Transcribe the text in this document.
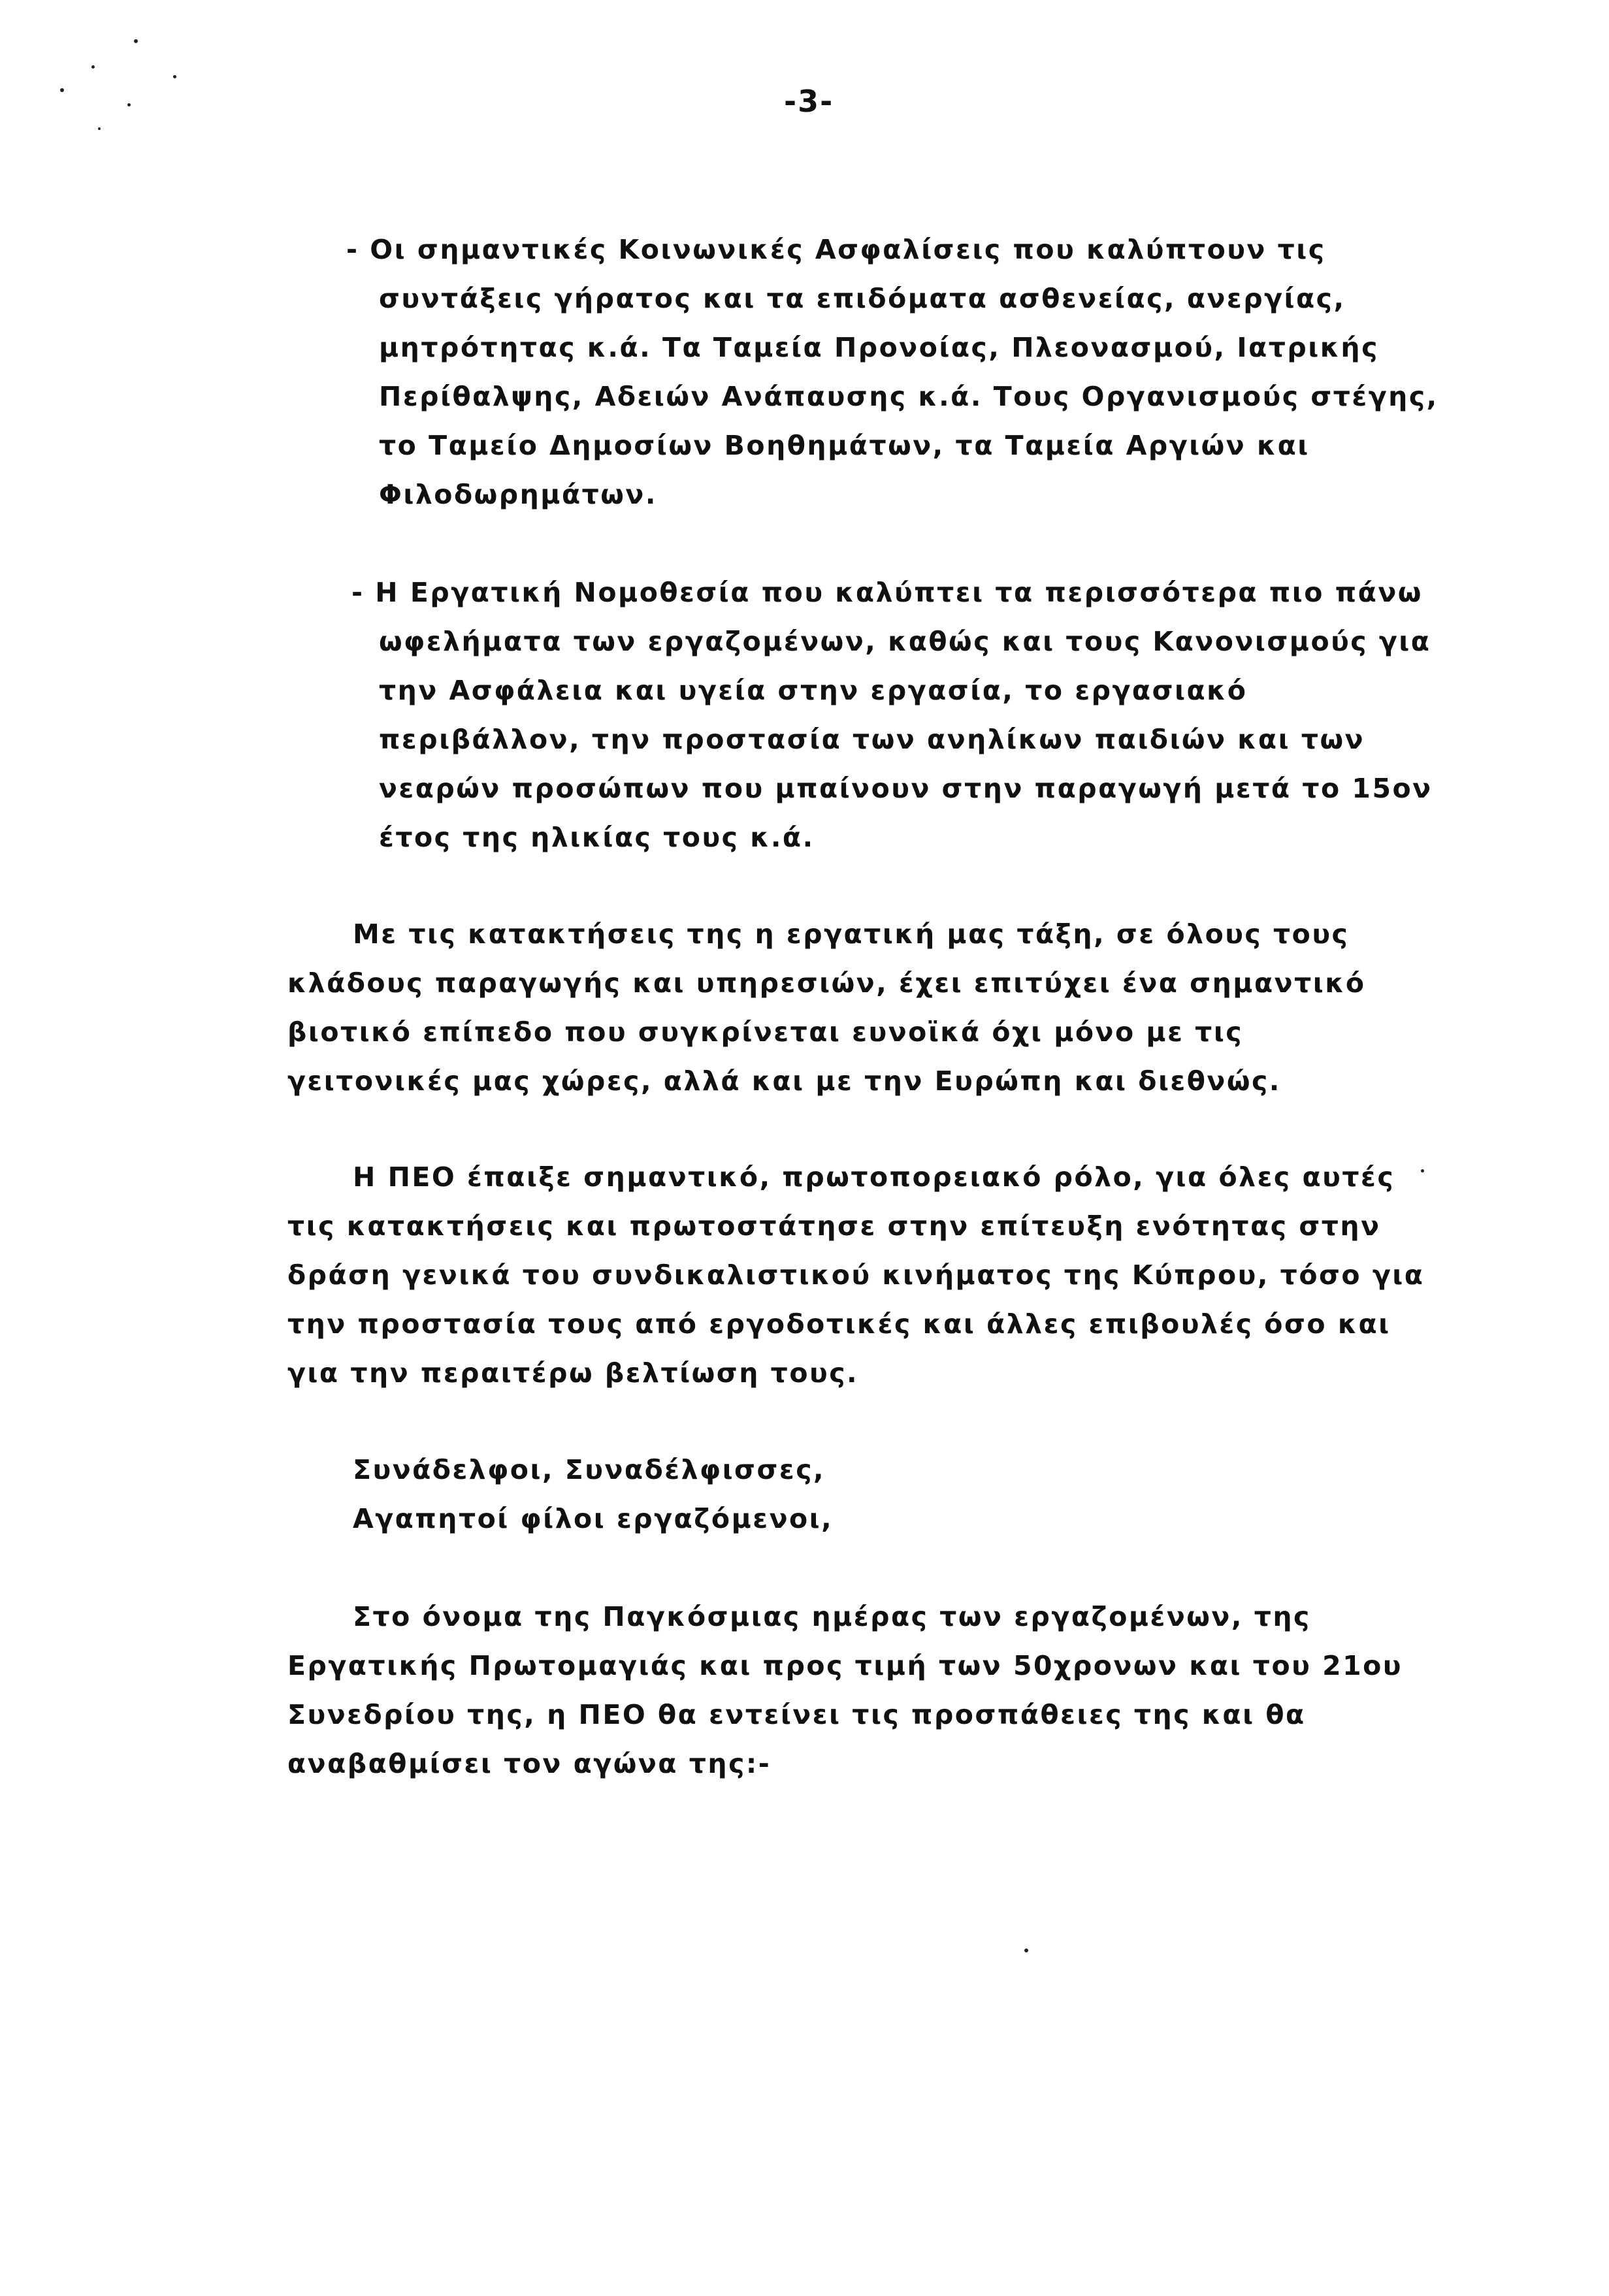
-3-
- Οι σημαντικές Κοινωνικές Ασφαλίσεις που καλύπτουν τις
συντάξεις γήρατος και τα επιδόματα ασθενείας, ανεργίας,
μητρότητας κ.ά. Τα Ταμεία Προνοίας, Πλεονασμού, Ιατρικής
Περίθαλψης, Αδειών Ανάπαυσης κ.ά. Τους Οργανισμούς στέγης,
το Ταμείο Δημοσίων Βοηθημάτων, τα Ταμεία Αργιών και
Φιλοδωρημάτων.
- Η Εργατική Νομοθεσία που καλύπτει τα περισσότερα πιο πάνω
ωφελήματα των εργαζομένων, καθώς και τους Κανονισμούς για
την Ασφάλεια και υγεία στην εργασία, το εργασιακό
περιβάλλον, την προστασία των ανηλίκων παιδιών και των
νεαρών προσώπων που μπαίνουν στην παραγωγή μετά το 15ον
έτος της ηλικίας τους κ.ά.
Με τις κατακτήσεις της η εργατική μας τάξη, σε όλους τους
κλάδους παραγωγής και υπηρεσιών, έχει επιτύχει ένα σημαντικό
βιοτικό επίπεδο που συγκρίνεται ευνοϊκά όχι μόνο με τις
γειτονικές μας χώρες, αλλά και με την Ευρώπη και διεθνώς.
Η ΠΕΟ έπαιξε σημαντικό, πρωτοπορειακό ρόλο, για όλες αυτές
τις κατακτήσεις και πρωτοστάτησε στην επίτευξη ενότητας στην
δράση γενικά του συνδικαλιστικού κινήματος της Κύπρου, τόσο για
την προστασία τους από εργοδοτικές και άλλες επιβουλές όσο και
για την περαιτέρω βελτίωση τους.
Συνάδελφοι, Συναδέλφισσες,
Αγαπητοί φίλοι εργαζόμενοι,
Στο όνομα της Παγκόσμιας ημέρας των εργαζομένων, της
Εργατικής Πρωτομαγιάς και προς τιμή των 50χρονων και του 21ου
Συνεδρίου της, η ΠΕΟ θα εντείνει τις προσπάθειες της και θα
αναβαθμίσει τον αγώνα της:-
